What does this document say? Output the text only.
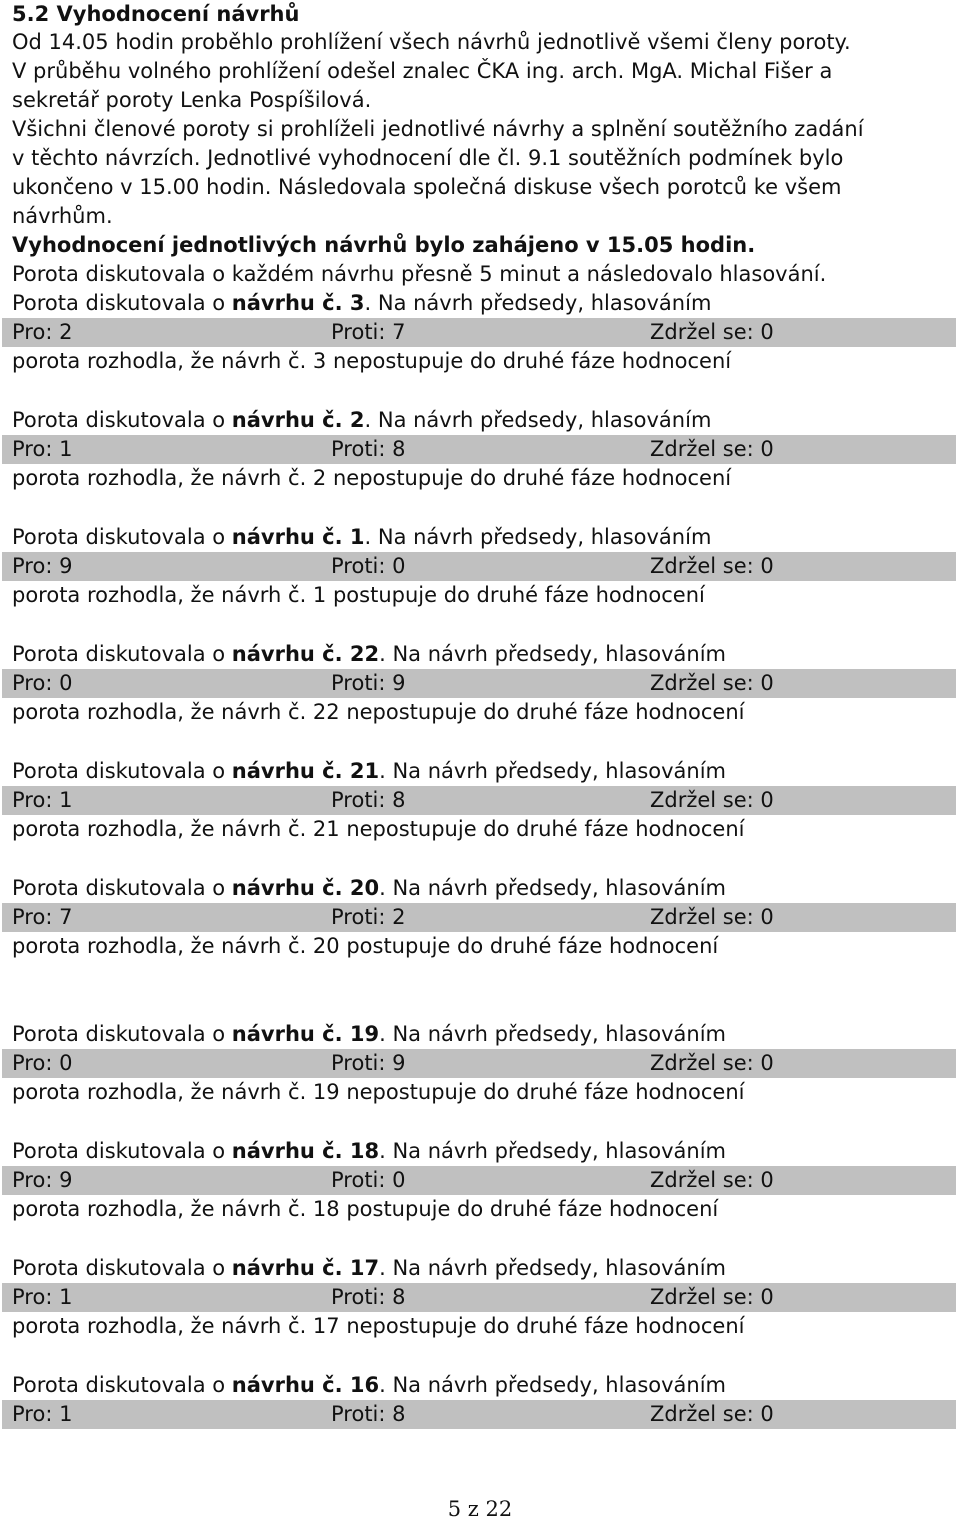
5.2 Vyhodnocení návrhů
Od 14.05 hodin proběhlo prohlížení všech návrhů jednotlivě všemi členy poroty.
V průběhu volného prohlížení odešel znalec ČKA ing. arch. MgA. Michal Fišer a
sekretář poroty Lenka Pospíšilová.
Všichni členové poroty si prohlíželi jednotlivé návrhy a splnění soutěžního zadání
v těchto návrzích. Jednotlivé vyhodnocení dle čl. 9.1 soutěžních podmínek bylo
ukončeno v 15.00 hodin. Následovala společná diskuse všech porotců ke všem
návrhům.
Vyhodnocení jednotlivých návrhů bylo zahájeno v 15.05 hodin.
Porota diskutovala o každém návrhu přesně 5 minut a následovalo hlasování.
Porota diskutovala o návrhu č. 3. Na návrh předsedy, hlasováním
Pro: 2	Proti: 7	Zdržel se: 0
porota rozhodla, že návrh č. 3 nepostupuje do druhé fáze hodnocení
Porota diskutovala o návrhu č. 2. Na návrh předsedy, hlasováním
Pro: 1	Proti: 8	Zdržel se: 0
porota rozhodla, že návrh č. 2 nepostupuje do druhé fáze hodnocení
Porota diskutovala o návrhu č. 1. Na návrh předsedy, hlasováním
Pro: 9	Proti: 0	Zdržel se: 0
porota rozhodla, že návrh č. 1 postupuje do druhé fáze hodnocení
Porota diskutovala o návrhu č. 22. Na návrh předsedy, hlasováním
Pro: 0	Proti: 9	Zdržel se: 0
porota rozhodla, že návrh č. 22 nepostupuje do druhé fáze hodnocení
Porota diskutovala o návrhu č. 21. Na návrh předsedy, hlasováním
Pro: 1	Proti: 8	Zdržel se: 0
porota rozhodla, že návrh č. 21 nepostupuje do druhé fáze hodnocení
Porota diskutovala o návrhu č. 20. Na návrh předsedy, hlasováním
Pro: 7	Proti: 2	Zdržel se: 0
porota rozhodla, že návrh č. 20 postupuje do druhé fáze hodnocení
Porota diskutovala o návrhu č. 19. Na návrh předsedy, hlasováním
Pro: 0	Proti: 9	Zdržel se: 0
porota rozhodla, že návrh č. 19 nepostupuje do druhé fáze hodnocení
Porota diskutovala o návrhu č. 18. Na návrh předsedy, hlasováním
Pro: 9	Proti: 0	Zdržel se: 0
porota rozhodla, že návrh č. 18 postupuje do druhé fáze hodnocení
Porota diskutovala o návrhu č. 17. Na návrh předsedy, hlasováním
Pro: 1	Proti: 8	Zdržel se: 0
porota rozhodla, že návrh č. 17 nepostupuje do druhé fáze hodnocení
Porota diskutovala o návrhu č. 16. Na návrh předsedy, hlasováním
Pro: 1	Proti: 8	Zdržel se: 0
5 z 22
